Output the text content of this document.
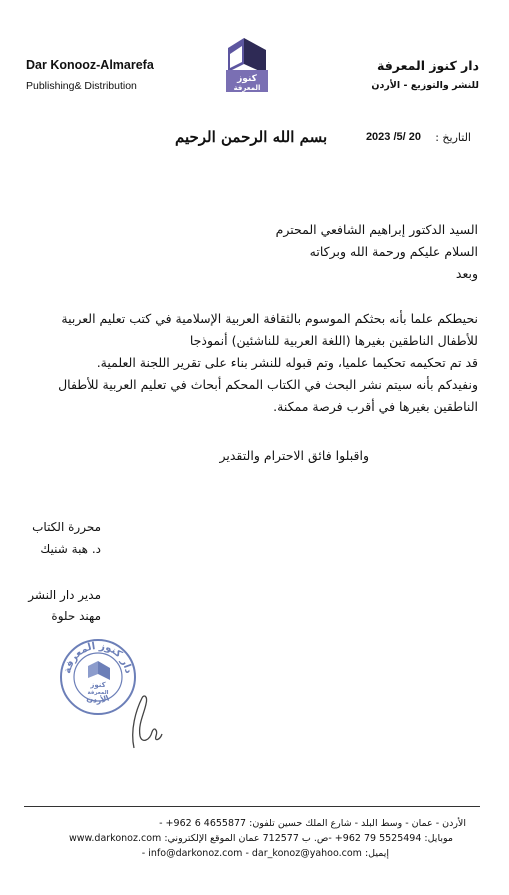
Dar Konooz-Almarefa
Publishing& Distribution
كنوز
المعرفة
دار كنوز المعرفة
للنشر والتوزيع - الأردن
التاريخ :
2023 /5/ 20
بسم الله الرحمن الرحيم
السيد الدكتور إبراهيم الشافعي المحترم
السلام عليكم ورحمة الله وبركاته
وبعد
نحيطكم علما بأنه بحثكم الموسوم بالثقافة العربية الإسلامية في كتب تعليم العربية
للأطفال الناطقين بغيرها (اللغة العربية للناشئين) أنموذجا
قد تم تحكيمه تحكيما علميا، وتم قبوله للنشر بناء على تقرير اللجنة العلمية.
ونفيدكم بأنه سيتم نشر البحث في الكتاب المحكم أبحاث في تعليم العربية للأطفال
الناطقين بغيرها في أقرب فرصة ممكنة.
واقبلوا فائق الاحترام والتقدير
محررة الكتاب
د. هبة شنيك
مدير دار النشر
مهند حلوة
دار كنوز المعرفة
الأردن
كنوز
المعرفة
الأردن - عمان - وسط البلد - شارع الملك حسين تلفون: 4655877 6 962+ -
موبايل: 5525494 79 962+ -ص. ب 712577 عمان الموقع الإلكتروني: www.darkonoz.com
إيميل: info@darkonoz.com - dar_konoz@yahoo.com -
